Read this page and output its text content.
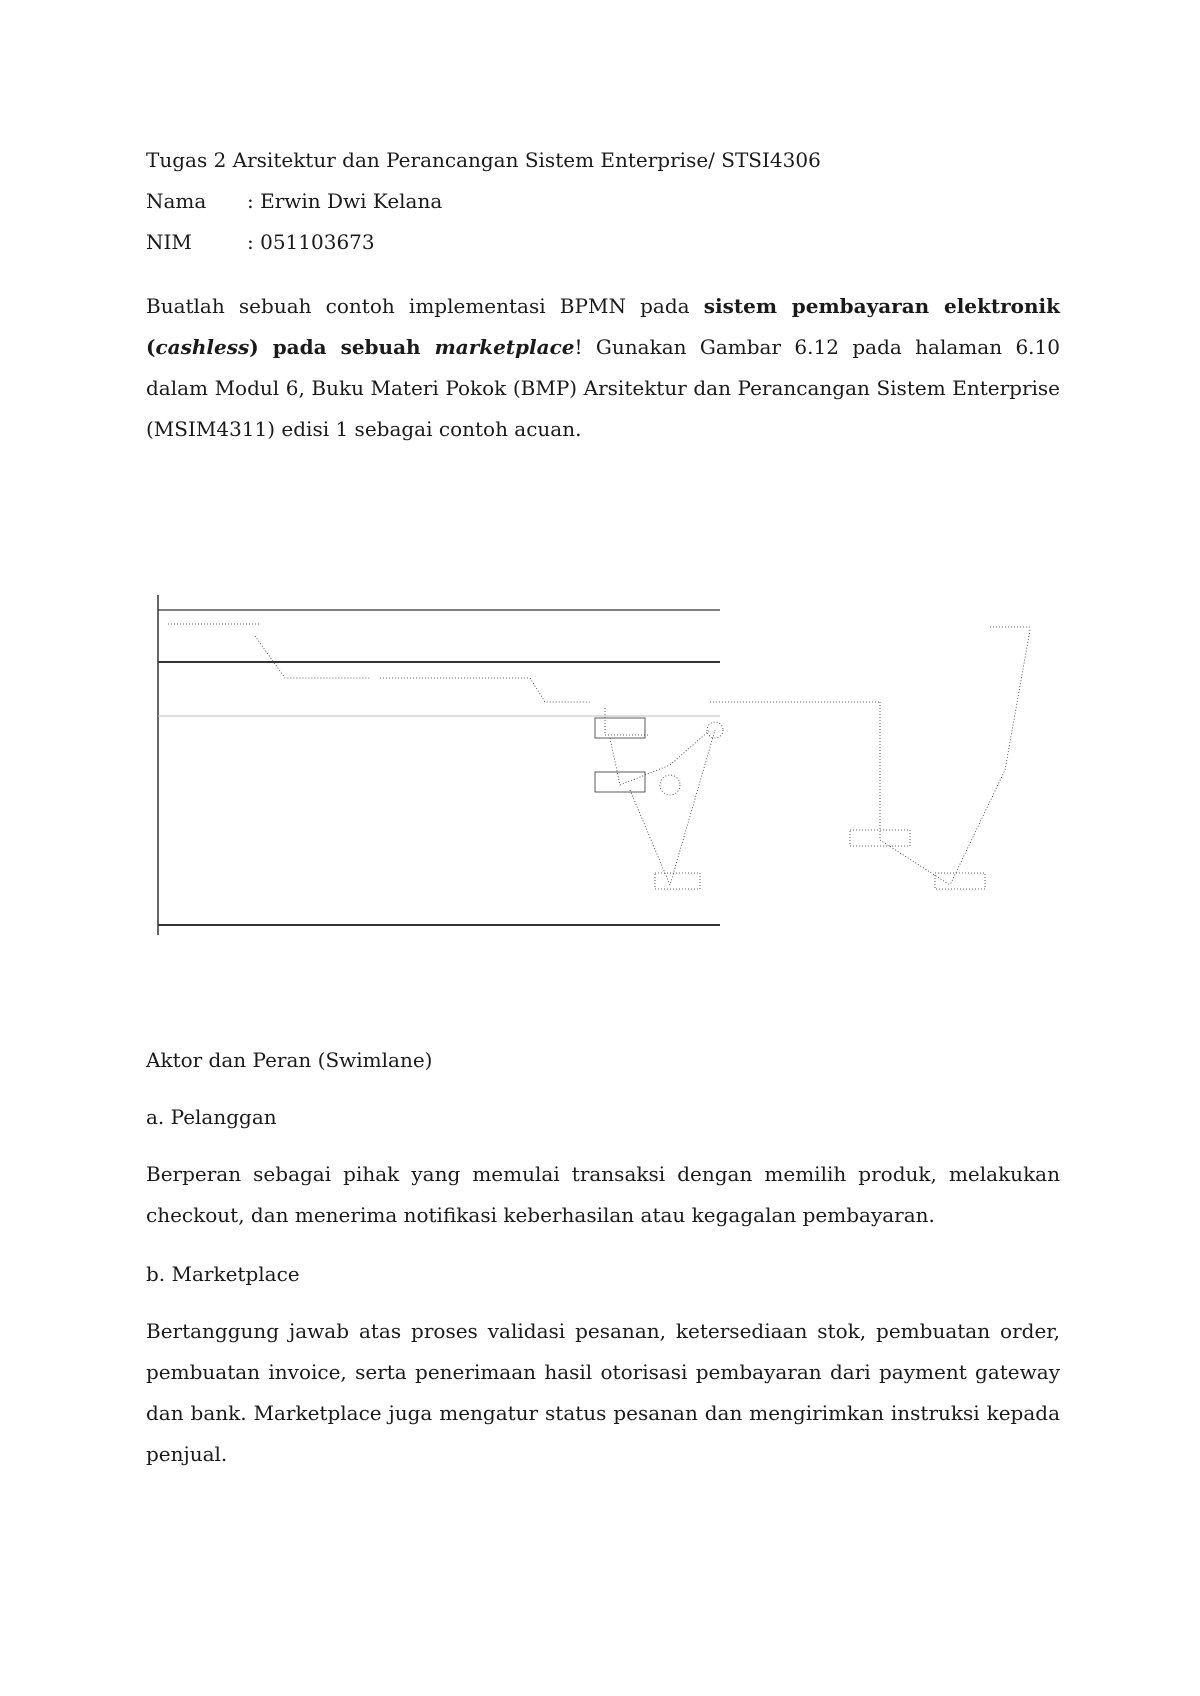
Tugas 2 Arsitektur dan Perancangan Sistem Enterprise/ STSI4306

Nama	: Erwin Dwi Kelana
NIM	: 051103673

Buatlah sebuah contoh implementasi BPMN pada sistem pembayaran elektronik (cashless) pada sebuah marketplace! Gunakan Gambar 6.12 pada halaman 6.10 dalam Modul 6, Buku Materi Pokok (BMP) Arsitektur dan Perancangan Sistem Enterprise (MSIM4311) edisi 1 sebagai contoh acuan.

Aktor dan Peran (Swimlane)

a. Pelanggan

Berperan sebagai pihak yang memulai transaksi dengan memilih produk, melakukan checkout, dan menerima notifikasi keberhasilan atau kegagalan pembayaran.

b. Marketplace

Bertanggung jawab atas proses validasi pesanan, ketersediaan stok, pembuatan order, pembuatan invoice, serta penerimaan hasil otorisasi pembayaran dari payment gateway dan bank. Marketplace juga mengatur status pesanan dan mengirimkan instruksi kepada penjual.
